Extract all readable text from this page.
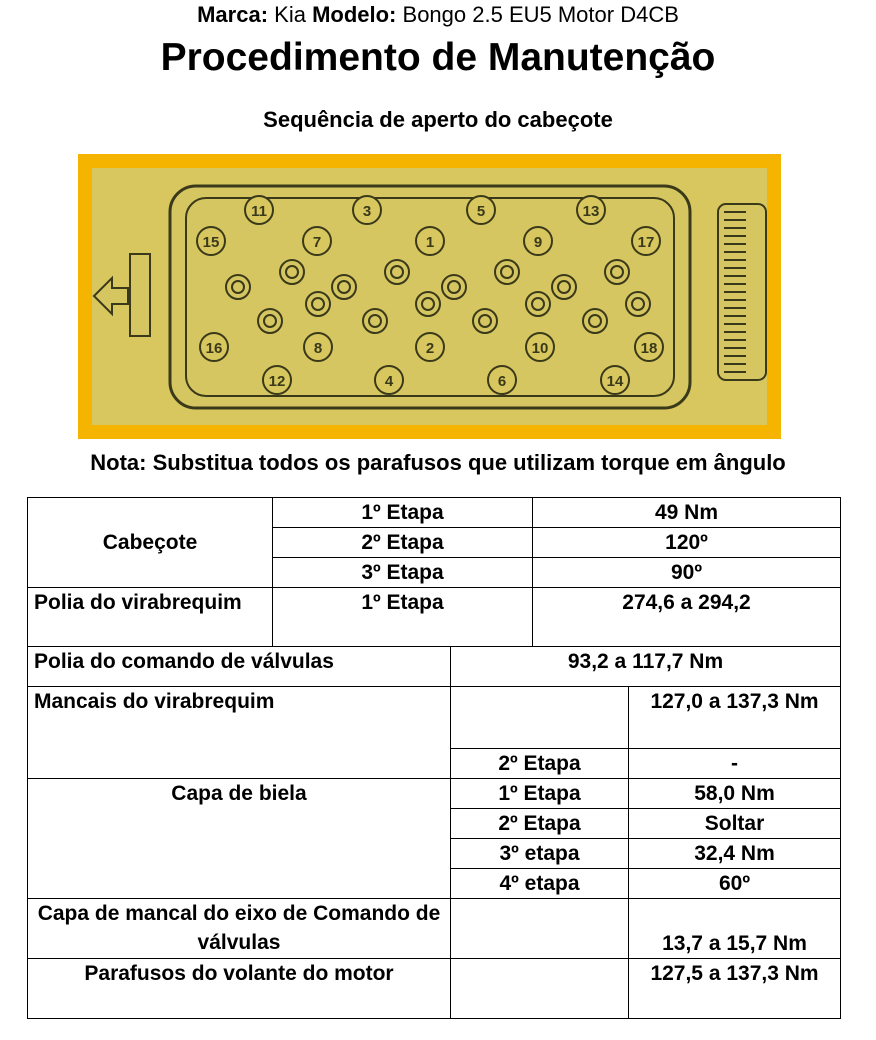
Marca: Kia Modelo: Bongo 2.5 EU5 Motor D4CB
Procedimento de Manutenção
Sequência de aperto do cabeçote
11	3	5	13
15	7	1	9	17
16	8	2	10	18
12	4	6	14
Nota: Substitua todos os parafusos que utilizam torque em ângulo
Cabeçote	1º Etapa		49 Nm	
	2º Etapa		120º	
	3º Etapa		90º	
Polia do virabrequim	1º Etapa		274,6 a 294,2	
Polia do comando de válvulas		93,2 a 117,7 Nm		
Mancais do virabrequim				127,0 a 137,3 Nm
		2º Etapa		-
Capa de biela		1º Etapa		58,0 Nm
		2º Etapa		Soltar
		3º etapa		32,4 Nm
		4º etapa		60º
Capa de mancal do eixo de Comando de válvulas				13,7 a 15,7 Nm
Parafusos do volante do motor				127,5 a 137,3 Nm
